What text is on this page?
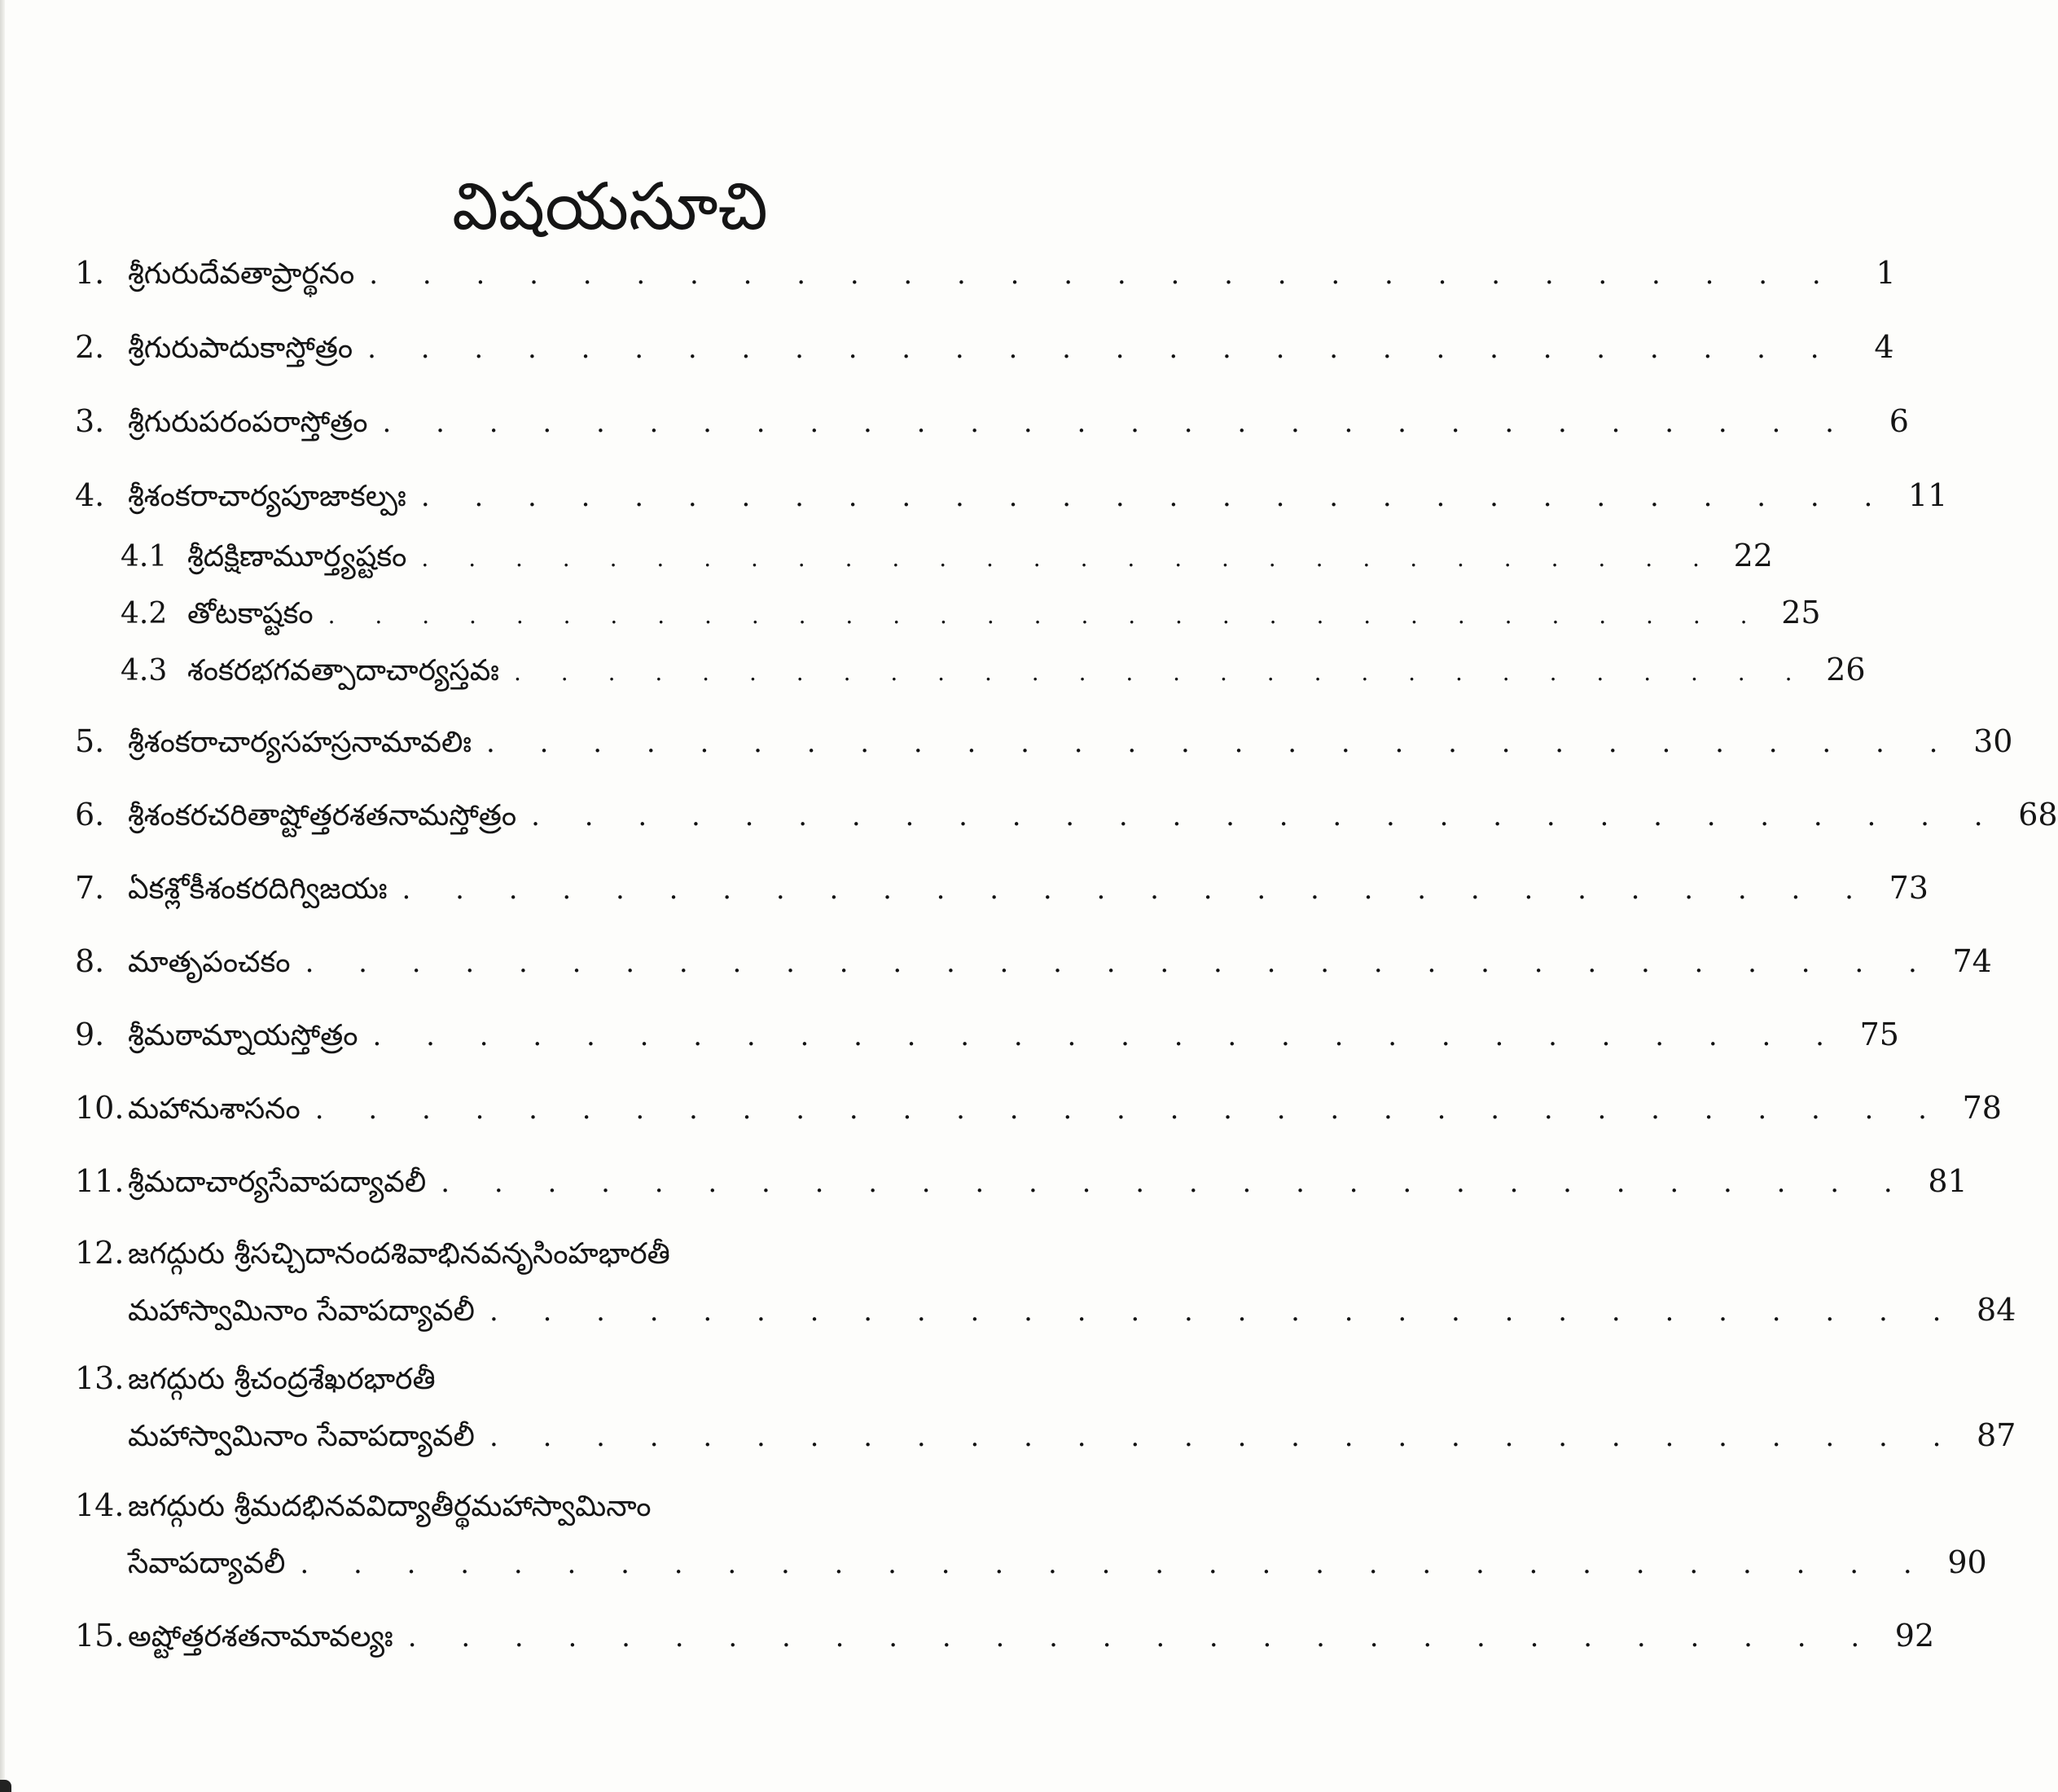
విషయసూచి
1. శ్రీగురుదేవతాప్రార్థనం . . . . . . . . . . . . . . . . . . . . . . . . . . . .	1
2. శ్రీగురుపాదుకాస్తోత్రం . . . . . . . . . . . . . . . . . . . . . . . . . . . .	4
3. శ్రీగురుపరంపరాస్తోత్రం . . . . . . . . . . . . . . . . . . . . . . . . . . . .	6
4. శ్రీశంకరాచార్యపూజాకల్పః . . . . . . . . . . . . . . . . . . . . . . . . . . . . 11
4.1 శ్రీదక్షిణామూర్త్యష్టకం . . . . . . . . . . . . . . . . . . . . . . . . . . . . 22
4.2 తోటకాష్టకం . . . . . . . . . . . . . . . . . . . . . . . . . . . . . . . 25
4.3 శంకరభగవత్పాదాచార్యస్తవః . . . . . . . . . . . . . . . . . . . . . . . . . . . . 26
5. శ్రీశంకరాచార్యసహస్రనామావలిః . . . . . . . . . . . . . . . . . . . . . . . . . . . . 30
6. శ్రీశంకరచరితాష్టోత్తరశతనామస్తోత్రం . . . . . . . . . . . . . . . . . . . . . . . . . . . . 68
7. ఏకశ్లోకీశంకరదిగ్విజయః . . . . . . . . . . . . . . . . . . . . . . . . . . . . 73
8. మాతృపంచకం . . . . . . . . . . . . . . . . . . . . . . . . . . . . . . . 74
9. శ్రీమఠామ్నాయస్తోత్రం . . . . . . . . . . . . . . . . . . . . . . . . . . . . 75
10. మహానుశాసనం . . . . . . . . . . . . . . . . . . . . . . . . . . . . . . . 78
11. శ్రీమదాచార్యసేవాపద్యావలీ . . . . . . . . . . . . . . . . . . . . . . . . . . . . 81
12. జగద్గురు శ్రీసచ్చిదానందశివాభినవనృసింహభారతీ
మహాస్వామినాం సేవాపద్యావలీ . . . . . . . . . . . . . . . . . . . . . . . . . . . . 84
13. జగద్గురు శ్రీచంద్రశేఖరభారతీ
మహాస్వామినాం సేవాపద్యావలీ . . . . . . . . . . . . . . . . . . . . . . . . . . . . 87
14. జగద్గురు శ్రీమదభినవవిద్యాతీర్థమహాస్వామినాం
సేవాపద్యావలీ . . . . . . . . . . . . . . . . . . . . . . . . . . . . . . . 90
15. అష్టోత్తరశతనామావల్యః . . . . . . . . . . . . . . . . . . . . . . . . . . . . 92
